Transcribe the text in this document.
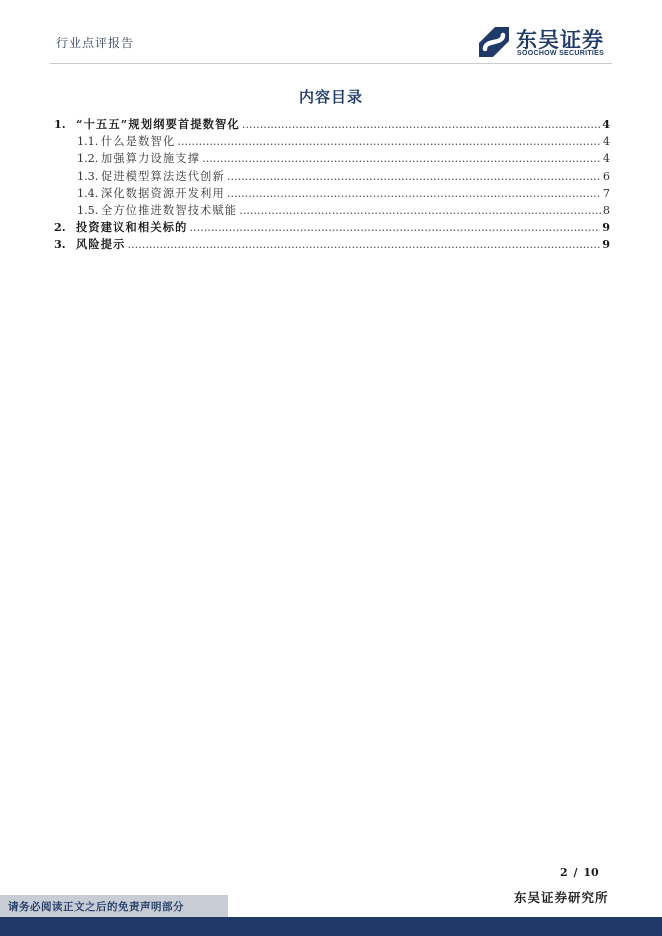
行业点评报告	东吴证券
SOOCHOW SECURITIES
内容目录
1. “十五五”规划纲要首提数智化 .....	4
1.1. 什么是数智化 .....	4
1.2. 加强算力设施支撑 .....	4
1.3. 促进模型算法迭代创新 .....	6
1.4. 深化数据资源开发利用 .....	7
1.5. 全方位推进数智技术赋能 .....	8
2. 投资建议和相关标的 .....	9
3. 风险提示 .....	9
2 / 10
东吴证券研究所
请务必阅读正文之后的免责声明部分
